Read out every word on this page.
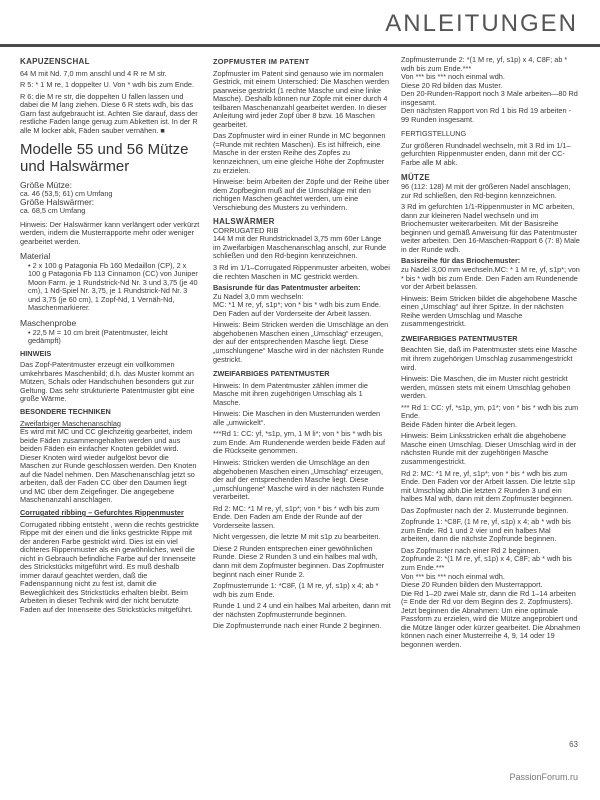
ANLEITUNGEN

KAPUZENSCHAL

64 M mit Nd. 7,0 mm anschl und 4 R re M str.

R 5: * 1 M re, 1 doppelter U. Von * wdh bis zum Ende.

R 6: die M re str, die doppelten U fallen lassen und dabei die M lang ziehen. Diese 6 R stets wdh, bis das Garn fast aufgebraucht ist. Achten Sie darauf, dass der restliche Faden lange genug zum Abketten ist. In der R alle M locker abk, Fäden sauber vernähen. ■

Modelle 55 und 56 Mütze und Halswärmer

Größe Mütze:

ca. 46 (53,5; 61) cm Umfang

Größe Halswärmer:

ca. 68,5 cm Umfang

Hinweis: Der Halswärmer kann verlängert oder verkürzt werden, indem die Musterrapporte mehr oder weniger gearbeitet werden.

Material

• 2 x 100 g Patagonia Fb 160 Medaillon (CP), 2 x 100 g Patagonia Fb 113 Cinnamon (CC) von Juniper Moon Farm. je 1 Rundstrick-Nd Nr. 3 und 3,75 (je 40 cm), 1 Nd-Spiel Nr. 3,75, je 1 Rundstrick-Nd Nr. 3 und 3,75 (je 60 cm), 1 Zopf-Nd, 1 Vernäh-Nd, Maschenmarkierer.

Maschenprobe

• 22,5 M = 10 cm breit (Patentmuster, leicht gedämpft)

HINWEIS

Das Zopf-Patentmuster erzeugt ein vollkommen umkehrbares Maschenbild; d.h. das Muster kommt an Mützen, Schals oder Handschuhen besonders gut zur Geltung. Das sehr strukturierte Patentmuster gibt eine große Wärme.

BESONDERE TECHNIKEN

Zweifarbiger Maschenanschlag

Es wird mit MC und CC gleichzeitig gearbeitet, indem beide Fäden zusammengehalten werden und aus beiden Fäden ein einfacher Knoten gebildet wird. Dieser Knoten wird wieder aufgelöst bevor die Maschen zur Runde geschlossen werden. Den Knoten auf die Nadel nehmen. Den Maschenanschlag jetzt so arbeiten, daß der Faden CC über den Daumen liegt und MC über dem Zeigefinger. Die angegebene Maschenanzahl anschlagen.

Corrugated ribbing – Gefurchtes Rippenmuster

Corrugated ribbing entsteht , wenn die rechts gestrickte Rippe mit der einen und die links gestrickte Rippe mit der anderen Farbe gestrickt wird. Dies ist ein viel dichteres Rippenmuster als ein gewöhnliches, weil die nicht in Gebrauch befindliche Farbe auf der Innenseite des Strickstücks mitgeführt wird. Es muß deshalb immer darauf geachtet werden, daß die Fadenspannung nicht zu fest ist, damit die Beweglichkeit des Strickstücks erhalten bleibt. Beim Arbeiten in dieser Technik wird der nicht benutzte Faden auf der Innenseite des Strickstücks mitgeführt.

ZOPFMUSTER IM PATENT

Zopfmuster im Patent sind genauso wie im normalen Gestrick, mit einem Unterschied: Die Maschen werden paarweise gestrickt (1 rechte Masche und eine linke Masche). Deshalb können nur Zöpfe mit einer durch 4 teilbaren Maschenanzahl gearbeitet werden. In dieser Anleitung wird jeder Zopf über 8 bzw. 16 Maschen gearbeitet.

Das Zopfmuster wird in einer Runde in MC begonnen (=Runde mit rechten Maschen). Es ist hilfreich, eine Masche in der ersten Reihe des Zopfes zu kennzeichnen, um eine gleiche Höhe der Zopfmuster zu erzielen.

Hinweise: beim Arbeiten der Zöpfe und der Reihe über dem Zopfbeginn muß auf die Umschläge mit den richtigen Maschen geachtet werden, um eine Verschiebung des Musters zu verhindern.

HALSWÄRMER

CORRUGATED RIB

144 M mit der Rundstricknadel 3,75 mm 60er Länge im Zweifarbigen Maschenanschlag anschl, zur Runde schließen und den Rd-beginn kennzeichnen.

3 Rd im 1/1–Corrugated Rippenmuster arbeiten, wobei die rechten Maschen in MC gestrickt werden.

Basisrunde für das Patentmuster arbeiten:

Zu Nadel 3,0 mm wechseln:

MC: *1 M re, yf, s1p*; von * bis * wdh bis zum Ende. Den Faden auf der Vorderseite der Arbeit lassen.

Hinweis: Beim Stricken werden die Umschläge an den abgehobenen Maschen einen „Umschlag“ erzeugen, der auf der entsprechenden Masche liegt. Diese „umschlungene“ Masche wird in der nächsten Runde gestrickt.

ZWEIFARBIGES PATENTMUSTER

Hinweis: In dem Patentmuster zählen immer die Masche mit ihren zugehörigen Umschlag als 1 Masche.

Hinweis: Die Maschen in den Musterrunden werden alle „umwickelt“.

***Rd 1: CC: yf, *s1p, yrn, 1 M li*; von * bis * wdh bis zum Ende. Am Rundenende werden beide Fäden auf die Rückseite genommen.

Hinweis: Stricken werden die Umschläge an den abgehobenen Maschen einen „Umschlag“ erzeugen, der auf der entsprechenden Masche liegt. Diese „umschlungene“ Masche wird in der nächsten Runde verarbeitet.

Rd 2: MC: *1 M re, yf, s1p*; von * bis * wdh bis zum Ende. Den Faden am Ende der Runde auf der Vorderseite lassen.

Nicht vergessen, die letzte M mit s1p zu bearbeiten.

Diese 2 Runden entsprechen einer gewöhnlichen Runde. Diese 2 Runden 3 und ein halbes mal wdh, dann mit dem Zopfmuster beginnen. Das Zopfmuster beginnt nach einer Runde 2.

Zopfmusterrunde 1: *C8F, (1 M re, yf, s1p) x 4; ab * wdh bis zum Ende.

Runde 1 und 2 4 und ein halbes Mal arbeiten, dann mit der nächsten Zopfmusterrunde beginnen.

Die Zopfmusterrunde nach einer Runde 2 beginnen.

Zopfmusterrunde 2: *(1 M re, yf, s1p) x 4, C8F; ab * wdh bis zum Ende.***

Von *** bis *** noch einmal wdh.

Diese 20 Rd bilden das Muster.

Den 20-Runden-Rapport noch 3 Male arbeiten—80 Rd insgesamt.

Den nächsten Rapport von Rd 1 bis Rd 19 arbeiten - 99 Runden insgesamt.

FERTIGSTELLUNG

Zur größeren Rundnadel wechseln, mit 3 Rd im 1/1–gefurchten Rippenmuster enden, dann mit der CC-Farbe alle M abk.

MÜTZE

96 (112: 128) M mit der größeren Nadel anschlagen, zur Rd schließen, den Rd-beginn kennzeichnen.

3 Rd im gefurchten 1/1-Rippenmuster in MC arbeiten, dann zur kleineren Nadel wechseln und im Briochemuster weiterarbeiten. Mit der Basisreihe beginnen und gemäß Anweisung für das Patentmuster weiter arbeiten. Den 16-Maschen-Rapport 6 (7: 8) Male in der Runde wdh.

Basisreihe für das Briochemuster:

zu Nadel 3,00 mm wechseln.MC: * 1 M re, yf, s1p*; von * bis * wdh bis zum Ende. Den Faden am Rundenende vor der Arbeit belassen.

Hinweis: Beim Stricken bildet die abgehobene Masche einen „Umschlag“ auf ihrer Spitze. In der nächsten Reihe werden Umschlag und Masche zusammengestrickt.

ZWEIFARBIGES PATENTMUSTER

Beachten Sie, daß im Patentmuster stets eine Masche mit ihrem zugehörigen Umschlag zusammengestrickt wird.

Hinweis: Die Maschen, die im Muster nicht gestrickt werden, müssen stets mit einem Umschlag gehoben werden.

*** Rd 1: CC: yf, *s1p, ym, p1*; von * bis * wdh bis zum Ende.

Beide Fäden hinter die Arbeit legen.

Hinweis: Beim Linksstricken erhält die abgehobene Masche einen Umschlag. Dieser Umschlag wird in der nächsten Runde mit der zugehörigen Masche zusammengestrickt.

Rd 2: MC: *1 M re, yf, s1p*; von * bis * wdh bis zum Ende. Den Faden vor der Arbeit lassen. Die letzte s1p mit Umschlag abh.Die letzten 2 Runden 3 und ein halbes Mal wdh, dann mit dem Zopfmuster beginnen.

Das Zopfmuster nach der 2. Musterrunde beginnen.

Zopfrunde 1: *C8F, (1 M re, yf, s1p) x 4; ab * wdh bis zum Ende. Rd 1 und 2 vier und ein halbes Mal arbeiten, dann die nächste Zopfrunde beginnen.

Das Zopfmuster nach einer Rd 2 beginnen.

Zopfrunde 2: *(1 M re, yf, s1p) x 4, C8F; ab * wdh bis zum Ende.***

Von *** bis *** noch einmal wdh.

Diese 20 Runden bilden den Musterrapport.

Die Rd 1–20 zwei Male str, dann die Rd 1–14 arbeiten (= Ende der Rd vor dem Beginn des 2. Zopfmusters). Jetzt beginnen die Abnahmen: Um eine optimale Passform zu erzielen, wird die Mütze angeprobiert und die Mütze länger oder kürzer gearbeitet. Die Abnahmen können nach einer Musterreihe 4, 9, 14 oder 19 begonnen werden.

63
PassionForum.ru
